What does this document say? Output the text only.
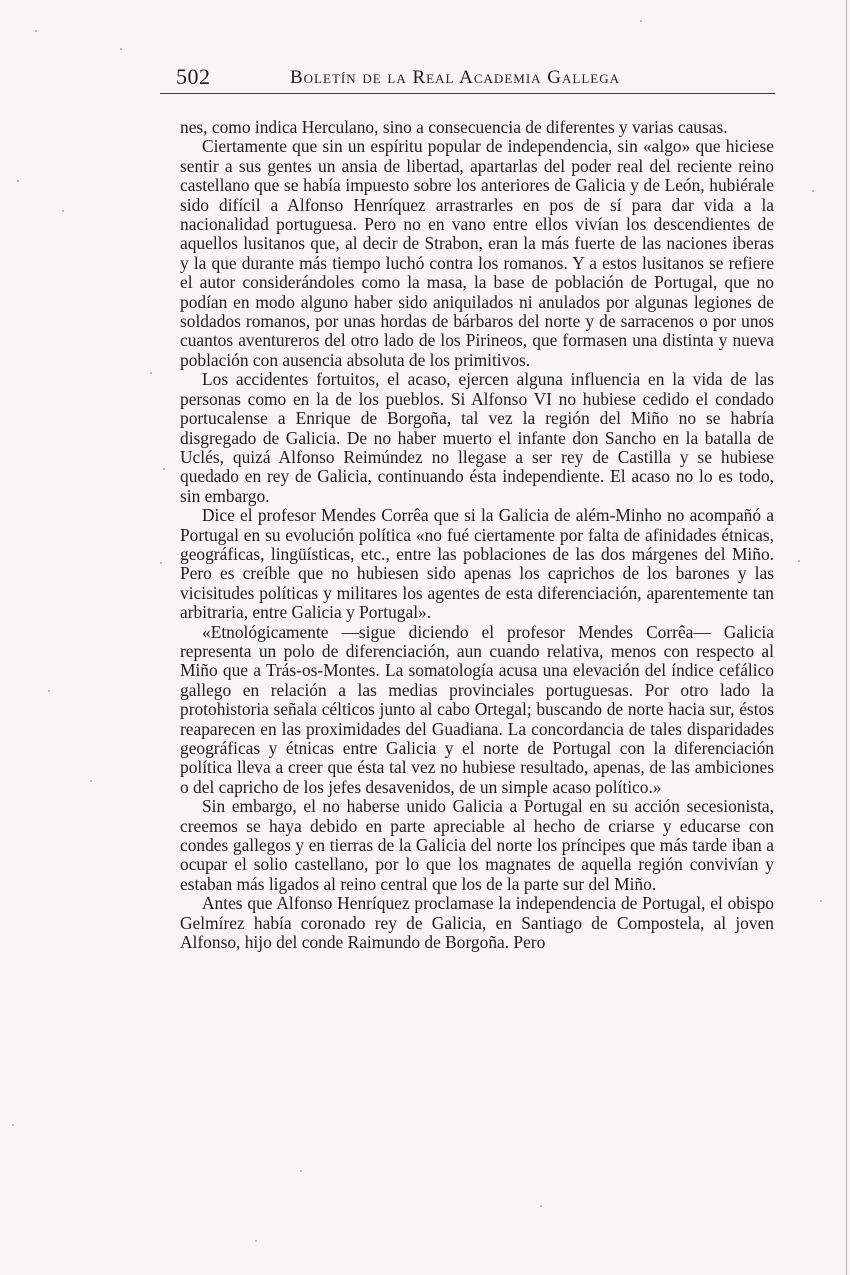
502	Boletín de la Real Academia Gallega

nes, como indica Herculano, sino a consecuencia de diferentes y varias causas.

Ciertamente que sin un espíritu popular de independencia, sin «algo» que hiciese sentir a sus gentes un ansia de libertad, apartarlas del poder real del reciente reino castellano que se había impuesto sobre los anteriores de Galicia y de León, hubiérale sido difícil a Alfonso Henríquez arrastrarles en pos de sí para dar vida a la nacionalidad portuguesa. Pero no en vano entre ellos vivían los descendientes de aquellos lusitanos que, al decir de Strabon, eran la más fuerte de las naciones iberas y la que durante más tiempo luchó contra los romanos. Y a estos lusitanos se refiere el autor considerándoles como la masa, la base de población de Portugal, que no podían en modo alguno haber sido aniquilados ni anulados por algunas legiones de soldados romanos, por unas hordas de bárbaros del norte y de sarracenos o por unos cuantos aventureros del otro lado de los Pirineos, que formasen una distinta y nueva población con ausencia absoluta de los primitivos.

Los accidentes fortuitos, el acaso, ejercen alguna influencia en la vida de las personas como en la de los pueblos. Si Alfonso VI no hubiese cedido el condado portucalense a Enrique de Borgoña, tal vez la región del Miño no se habría disgregado de Galicia. De no haber muerto el infante don Sancho en la batalla de Uclés, quizá Alfonso Reimúndez no llegase a ser rey de Castilla y se hubiese quedado en rey de Galicia, continuando ésta independiente. El acaso no lo es todo, sin embargo.

Dice el profesor Mendes Corrêa que si la Galicia de além-Minho no acompañó a Portugal en su evolución política «no fué ciertamente por falta de afinidades étnicas, geográficas, lingüísticas, etc., entre las poblaciones de las dos márgenes del Miño. Pero es creíble que no hubiesen sido apenas los caprichos de los barones y las vicisitudes políticas y militares los agentes de esta diferenciación, aparentemente tan arbitraria, entre Galicia y Portugal».

«Etnológicamente —sigue diciendo el profesor Mendes Corrêa— Galicia representa un polo de diferenciación, aun cuando relativa, menos con respecto al Miño que a Trás-os-Montes. La somatología acusa una elevación del índice cefálico gallego en relación a las medias provinciales portuguesas. Por otro lado la protohistoria señala célticos junto al cabo Ortegal; buscando de norte hacia sur, éstos reaparecen en las proximidades del Guadiana. La concordancia de tales disparidades geográficas y étnicas entre Galicia y el norte de Portugal con la diferenciación política lleva a creer que ésta tal vez no hubiese resultado, apenas, de las ambiciones o del capricho de los jefes desavenidos, de un simple acaso político.»

Sin embargo, el no haberse unido Galicia a Portugal en su acción secesionista, creemos se haya debido en parte apreciable al hecho de criarse y educarse con condes gallegos y en tierras de la Galicia del norte los príncipes que más tarde iban a ocupar el solio castellano, por lo que los magnates de aquella región convivían y estaban más ligados al reino central que los de la parte sur del Miño.

Antes que Alfonso Henríquez proclamase la independencia de Portugal, el obispo Gelmírez había coronado rey de Galicia, en Santiago de Compostela, al joven Alfonso, hijo del conde Raimundo de Borgoña. Pero
